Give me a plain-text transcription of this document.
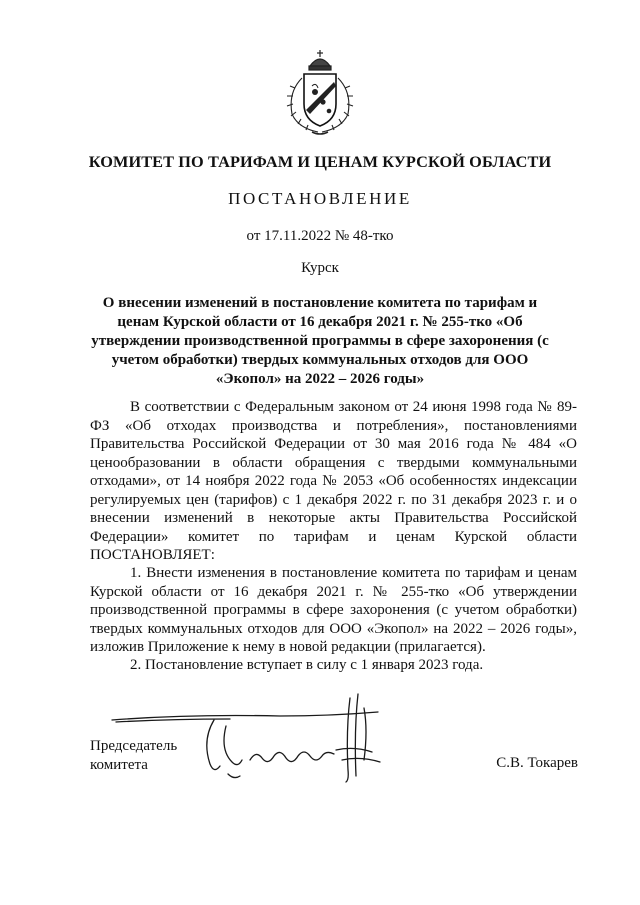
КОМИТЕТ ПО ТАРИФАМ И ЦЕНАМ КУРСКОЙ ОБЛАСТИ
ПОСТАНОВЛЕНИЕ
от 17.11.2022 № 48-тко
Курск
О внесении изменений в постановление комитета по тарифам и ценам Курской области от 16 декабря 2021 г. № 255-тко «Об утверждении производственной программы в сфере захоронения (с учетом обработки) твердых коммунальных отходов для ООО «Экопол» на 2022 – 2026 годы»

В соответствии с Федеральным законом от 24 июня 1998 года № 89-ФЗ «Об отходах производства и потребления», постановлениями Правительства Российской Федерации от 30 мая 2016 года № 484 «О ценообразовании в области обращения с твердыми коммунальными отходами», от 14 ноября 2022 года № 2053 «Об особенностях индексации регулируемых цен (тарифов) с 1 декабря 2022 г. по 31 декабря 2023 г. и о внесении изменений в некоторые акты Правительства Российской Федерации» комитет по тарифам и ценам Курской области ПОСТАНОВЛЯЕТ:

1. Внести изменения в постановление комитета по тарифам и ценам Курской области от 16 декабря 2021 г. № 255-тко «Об утверждении производственной программы в сфере захоронения (с учетом обработки) твердых коммунальных отходов для ООО «Экопол» на 2022 – 2026 годы», изложив Приложение к нему в новой редакции (прилагается).

2. Постановление вступает в силу с 1 января 2023 года.

Председатель
комитета	С.В. Токарев
